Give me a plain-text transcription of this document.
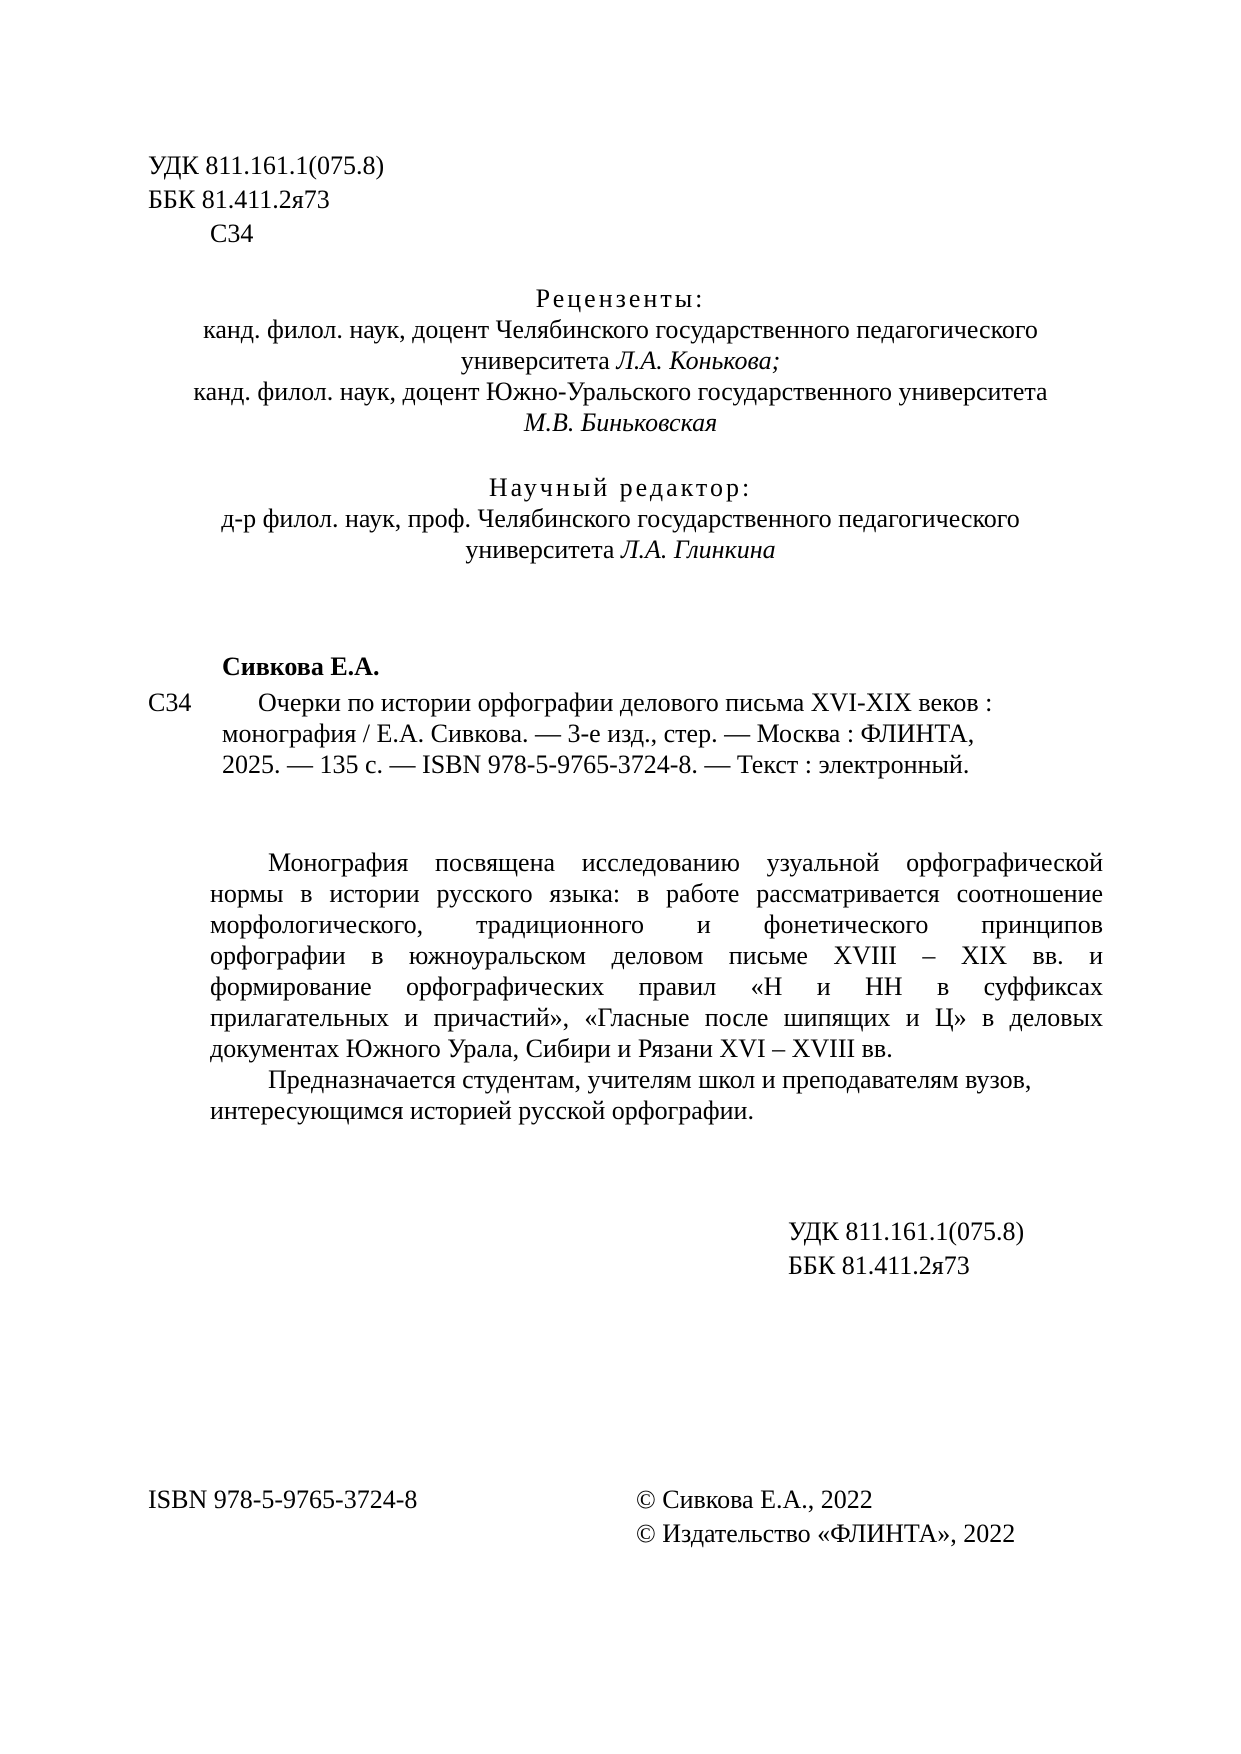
УДК 811.161.1(075.8)
ББК 81.411.2я73
С34
Рецензенты:
канд. филол. наук, доцент Челябинского государственного педагогического
университета Л.А. Конькова;
канд. филол. наук, доцент Южно-Уральского государственного университета
М.В. Биньковская
Научный редактор:
д-р филол. наук, проф. Челябинского государственного педагогического
университета Л.А. Глинкина
Сивкова Е.А.
С34	Очерки по истории орфографии делового письма XVI-XIX веков :
монография / Е.А. Сивкова. — 3-е изд., стер. — Москва : ФЛИНТА,
2025. — 135 с. — ISBN 978-5-9765-3724-8. — Текст : электронный.
Монография посвящена исследованию узуальной орфографической
нормы в истории русского языка: в работе рассматривается соотношение
морфологического, традиционного и фонетического принципов
орфографии в южноуральском деловом письме XVIII – XIX вв. и
формирование орфографических правил «Н и НН в суффиксах
прилагательных и причастий», «Гласные после шипящих и Ц» в деловых
документах Южного Урала, Сибири и Рязани XVI – XVIII вв.
Предназначается студентам, учителям школ и преподавателям вузов,
интересующимся историей русской орфографии.
УДК 811.161.1(075.8)
ББК 81.411.2я73
ISBN 978-5-9765-3724-8	© Сивкова Е.А., 2022
© Издательство «ФЛИНТА», 2022
